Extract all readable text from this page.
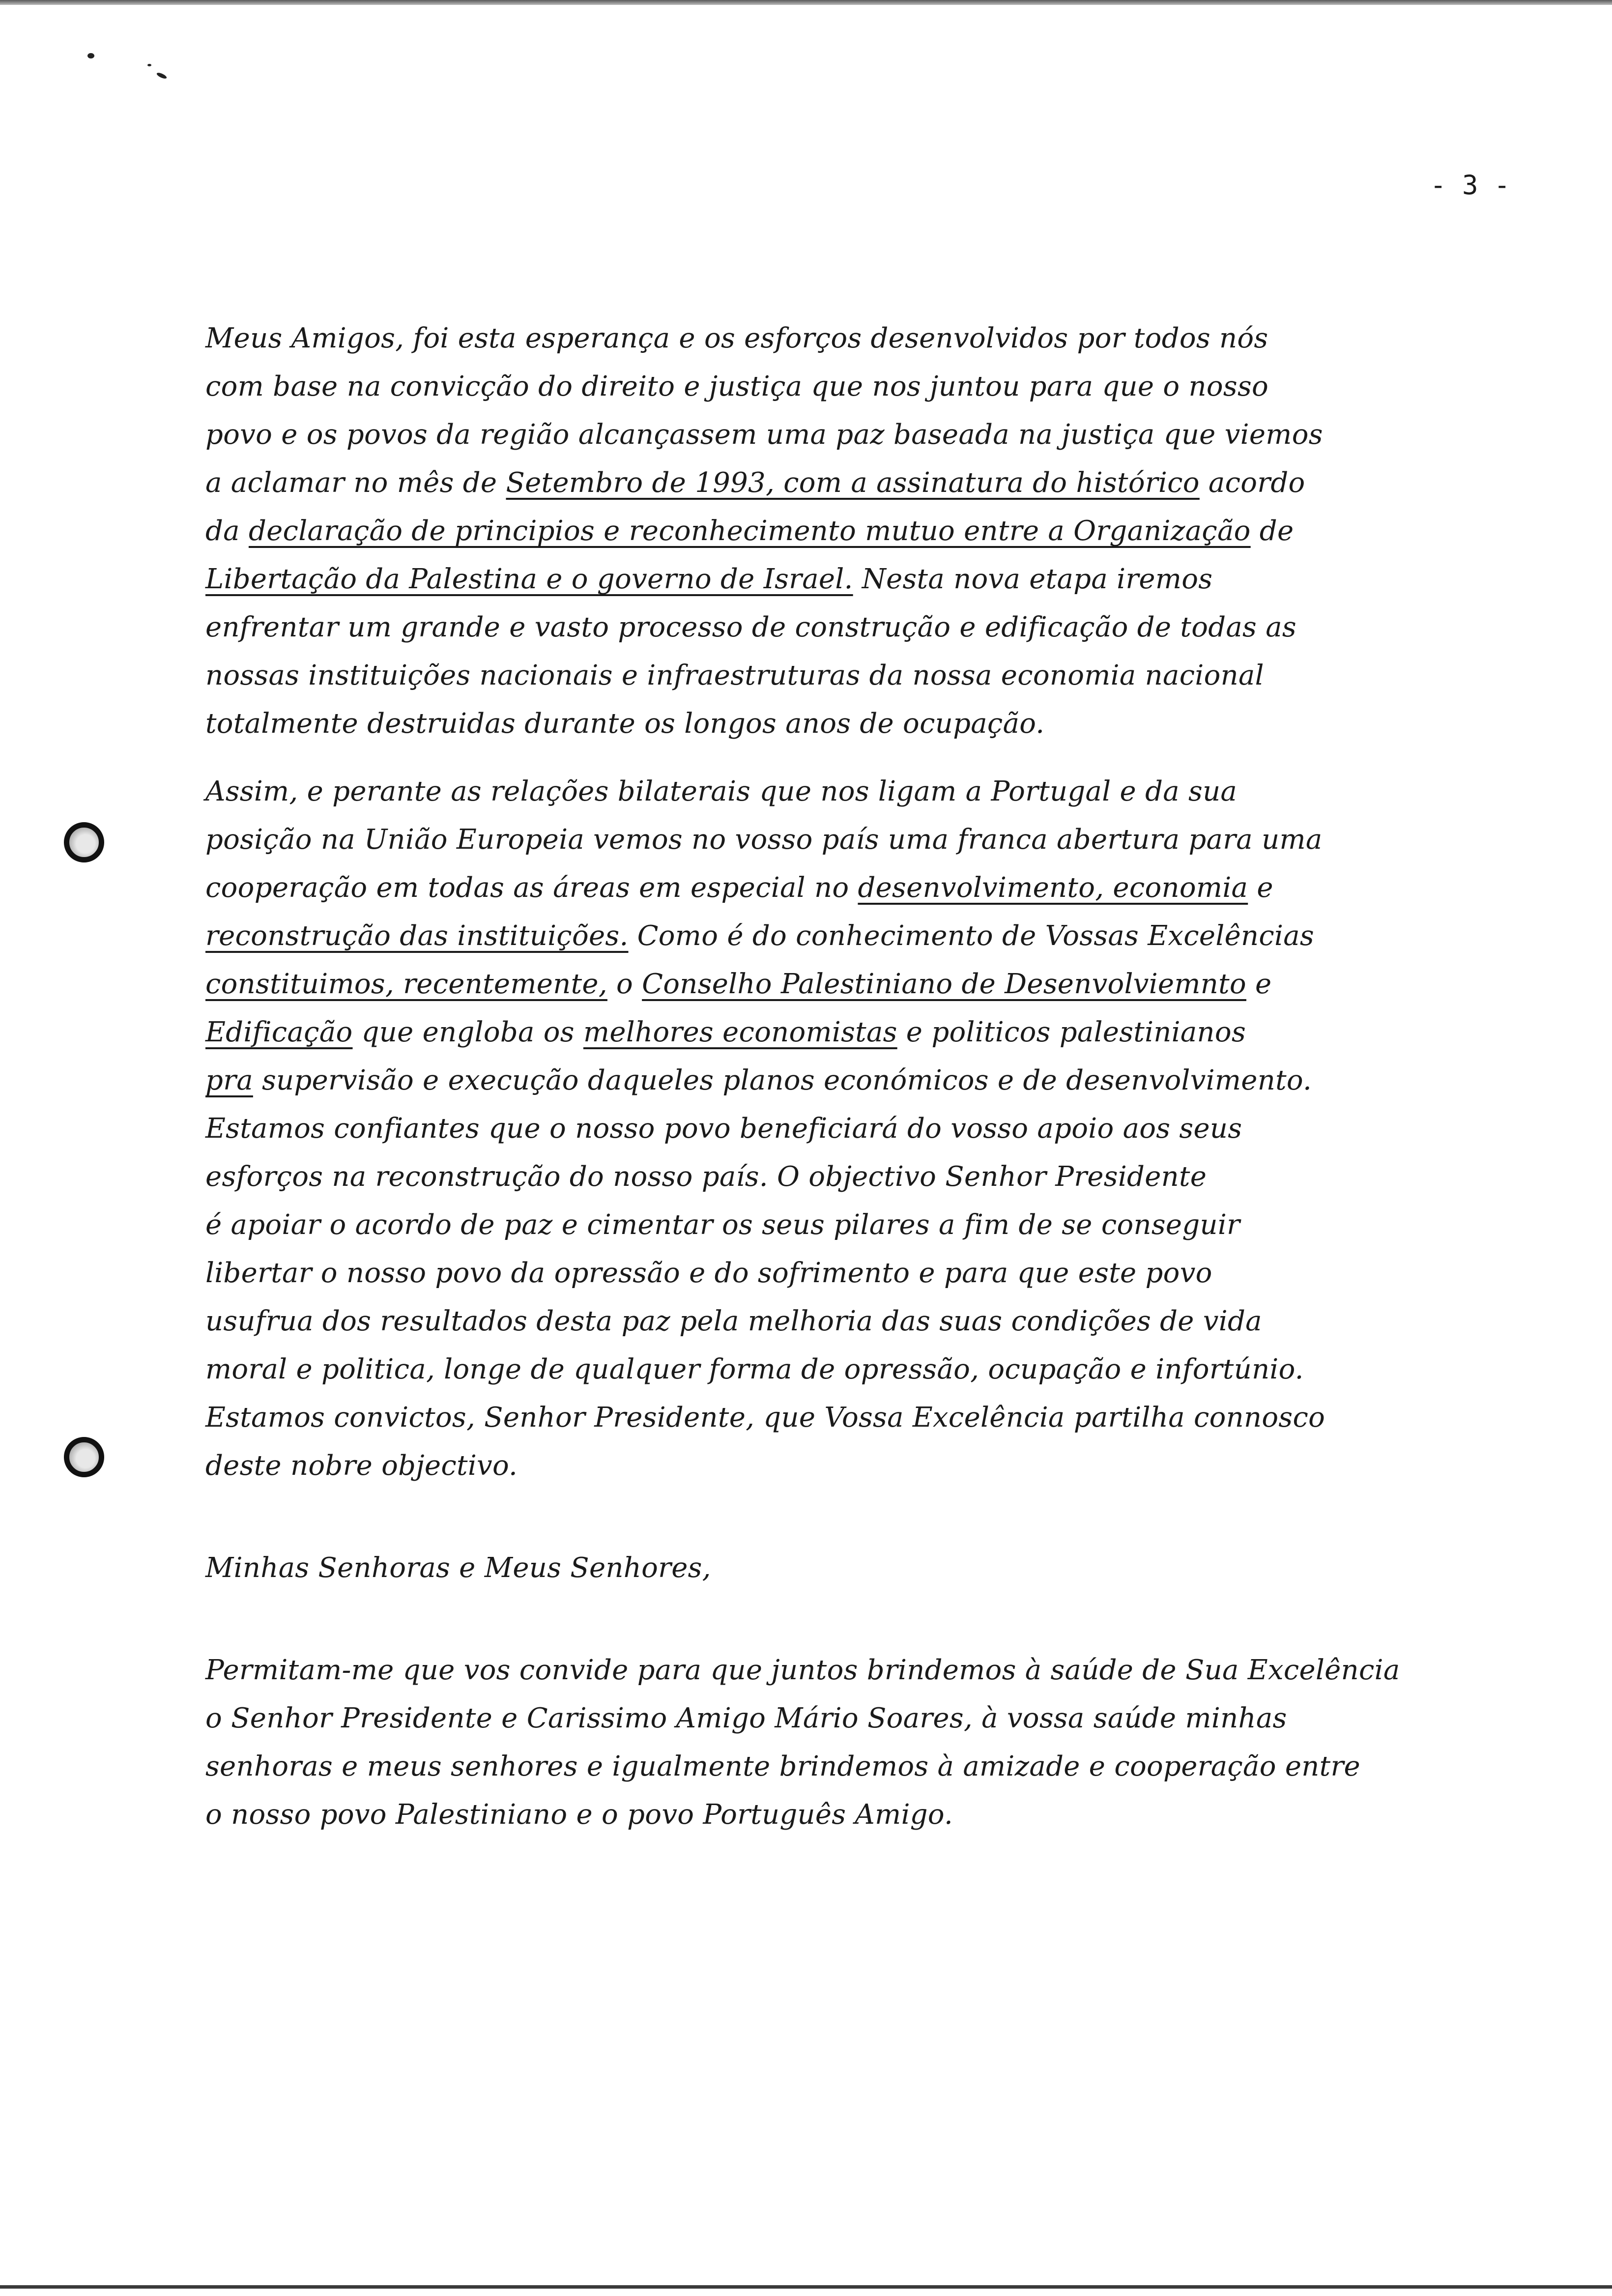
- 3 -

Meus Amigos, foi esta esperança e os esforços desenvolvidos por todos nós
com base na convicção do direito e justiça que nos juntou para que o nosso
povo e os povos da região alcançassem uma paz baseada na justiça que viemos
a aclamar no mês de Setembro de 1993, com a assinatura do histórico acordo
da declaração de principios e reconhecimento mutuo entre a Organização de
Libertação da Palestina e o governo de Israel. Nesta nova etapa iremos
enfrentar um grande e vasto processo de construção e edificação de todas as
nossas instituições nacionais e infraestruturas da nossa economia nacional
totalmente destruidas durante os longos anos de ocupação.

Assim, e perante as relações bilaterais que nos ligam a Portugal e da sua
posição na União Europeia vemos no vosso país uma franca abertura para uma
cooperação em todas as áreas em especial no desenvolvimento, economia e
reconstrução das instituições. Como é do conhecimento de Vossas Excelências
constituimos, recentemente, o Conselho Palestiniano de Desenvolviemnto e
Edificação que engloba os melhores economistas e politicos palestinianos
pra supervisão e execução daqueles planos económicos e de desenvolvimento.
Estamos confiantes que o nosso povo beneficiará do vosso apoio aos seus
esforços na reconstrução do nosso país. O objectivo Senhor Presidente
é apoiar o acordo de paz e cimentar os seus pilares a fim de se conseguir
libertar o nosso povo da opressão e do sofrimento e para que este povo
usufrua dos resultados desta paz pela melhoria das suas condições de vida
moral e politica, longe de qualquer forma de opressão, ocupação e infortúnio.
Estamos convictos, Senhor Presidente, que Vossa Excelência partilha connosco
deste nobre objectivo.

Minhas Senhoras e Meus Senhores,

Permitam-me que vos convide para que juntos brindemos à saúde de Sua Excelência
o Senhor Presidente e Carissimo Amigo Mário Soares, à vossa saúde minhas
senhoras e meus senhores e igualmente brindemos à amizade e cooperação entre
o nosso povo Palestiniano e o povo Português Amigo.
